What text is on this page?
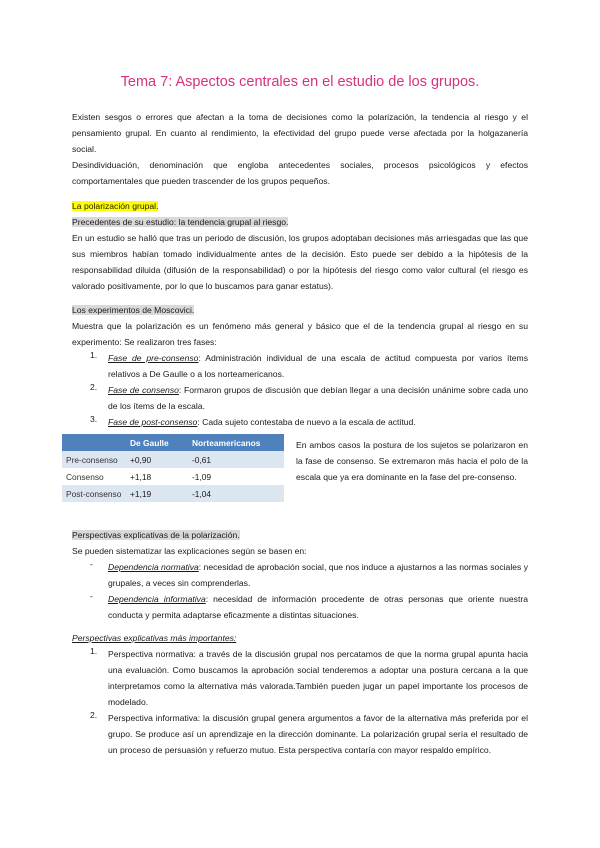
Tema 7: Aspectos centrales en el estudio de los grupos.

Existen sesgos o errores que afectan a la toma de decisiones como la polarización, la tendencia al riesgo y el pensamiento grupal. En cuanto al rendimiento, la efectividad del grupo puede verse afectada por la holgazanería social.

Desindividuación, denominación que engloba antecedentes sociales, procesos psicológicos y efectos comportamentales que pueden trascender de los grupos pequeños.

La polarización grupal.

Precedentes de su estudio: la tendencia grupal al riesgo.

En un estudio se halló que tras un periodo de discusión, los grupos adoptaban decisiones más arriesgadas que las que sus miembros habían tomado individualmente antes de la decisión. Esto puede ser debido a la hipótesis de la responsabilidad diluida (difusión de la responsabilidad) o por la hipótesis del riesgo como valor cultural (el riesgo es valorado positivamente, por lo que lo buscamos para ganar estatus).

Los experimentos de Moscovici.

Muestra que la polarización es un fenómeno más general y básico que el de la tendencia grupal al riesgo en su experimento: Se realizaron tres fases:

1. Fase de pre-consenso: Administración individual de una escala de actitud compuesta por varios ítems relativos a De Gaulle o a los norteamericanos.

2. Fase de consenso: Formaron grupos de discusión que debían llegar a una decisión unánime sobre cada uno de los ítems de la escala.

3. Fase de post-consenso: Cada sujeto contestaba de nuevo a la escala de actitud.

	De Gaulle	Norteamericanos
Pre-consenso	+0,90	-0,61
Consenso	+1,18	-1,09
Post-consenso	+1,19	-1,04

En ambos casos la postura de los sujetos se polarizaron en la fase de consenso. Se extremaron más hacia el polo de la escala que ya era dominante en la fase del pre-consenso.

Perspectivas explicativas de la polarización.

Se pueden sistematizar las explicaciones según se basen en:

- Dependencia normativa: necesidad de aprobación social, que nos induce a ajustarnos a las normas sociales y grupales, a veces sin comprenderlas.

- Dependencia informativa: necesidad de información procedente de otras personas que oriente nuestra conducta y permita adaptarse eficazmente a distintas situaciones.

Perspectivas explicativas más importantes:

1. Perspectiva normativa: a través de la discusión grupal nos percatamos de que la norma grupal apunta hacia una evaluación. Como buscamos la aprobación social tenderemos a adoptar una postura cercana a la que interpretamos como la alternativa más valorada.También pueden jugar un papel importante los procesos de modelado.

2. Perspectiva informativa: la discusión grupal genera argumentos a favor de la alternativa más preferida por el grupo. Se produce así un aprendizaje en la dirección dominante. La polarización grupal sería el resultado de un proceso de persuasión y refuerzo mutuo. Esta perspectiva contaría con mayor respaldo empírico.
